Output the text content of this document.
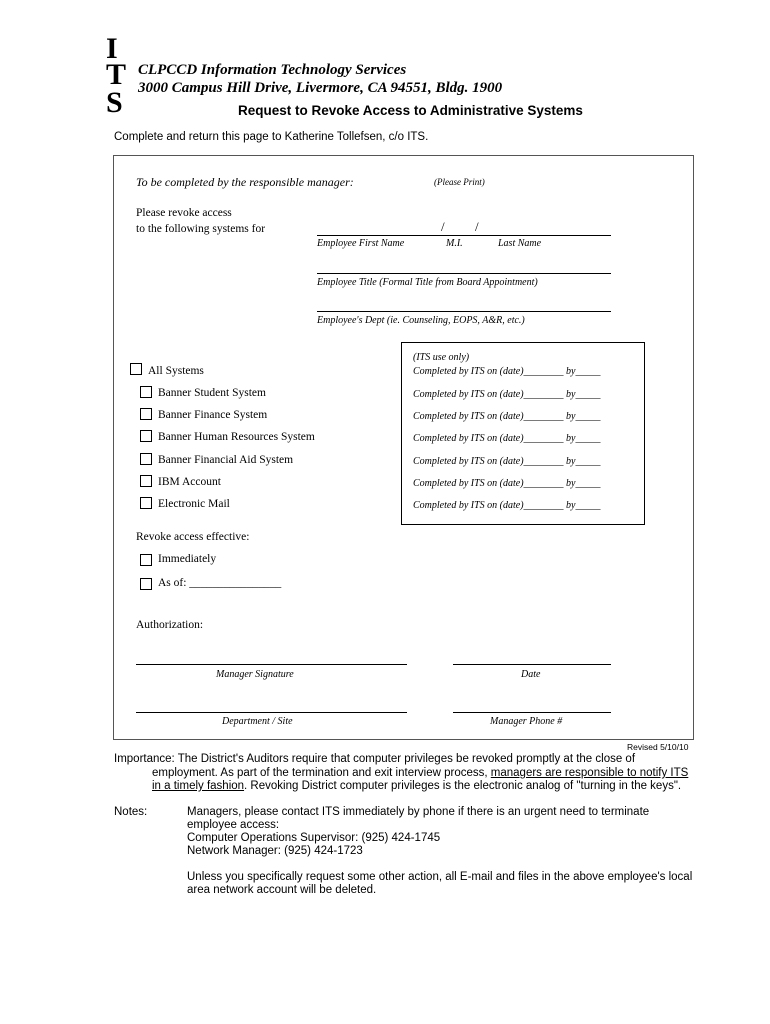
I
T
S
CLPCCD Information Technology Services
3000 Campus Hill Drive, Livermore, CA 94551, Bldg. 1900
Request to Revoke Access to Administrative Systems
Complete and return this page to Katherine Tollefsen, c/o ITS.
To be completed by the responsible manager:	(Please Print)
Please revoke access
to the following systems for	/ /
Employee First Name	M.I.	Last Name
Employee Title (Formal Title from Board Appointment)
Employee's Dept (ie. Counseling, EOPS, A&R, etc.)
(ITS use only)
All Systems	Completed by ITS on (date)________ by_____
Banner Student System	Completed by ITS on (date)________ by_____
Banner Finance System	Completed by ITS on (date)________ by_____
Banner Human Resources System	Completed by ITS on (date)________ by_____
Banner Financial Aid System	Completed by ITS on (date)________ by_____
IBM Account	Completed by ITS on (date)________ by_____
Electronic Mail	Completed by ITS on (date)________ by_____
Revoke access effective:
Immediately
As of: ________________
Authorization:
Manager Signature	Date
Department / Site	Manager Phone #
Revised 5/10/10
Importance: The District's Auditors require that computer privileges be revoked promptly at the close of
employment. As part of the termination and exit interview process, managers are responsible to notify ITS
in a timely fashion. Revoking District computer privileges is the electronic analog of "turning in the keys".
Notes:	Managers, please contact ITS immediately by phone if there is an urgent need to terminate
employee access:
Computer Operations Supervisor: (925) 424-1745
Network Manager: (925) 424-1723
Unless you specifically request some other action, all E-mail and files in the above employee's local
area network account will be deleted.
